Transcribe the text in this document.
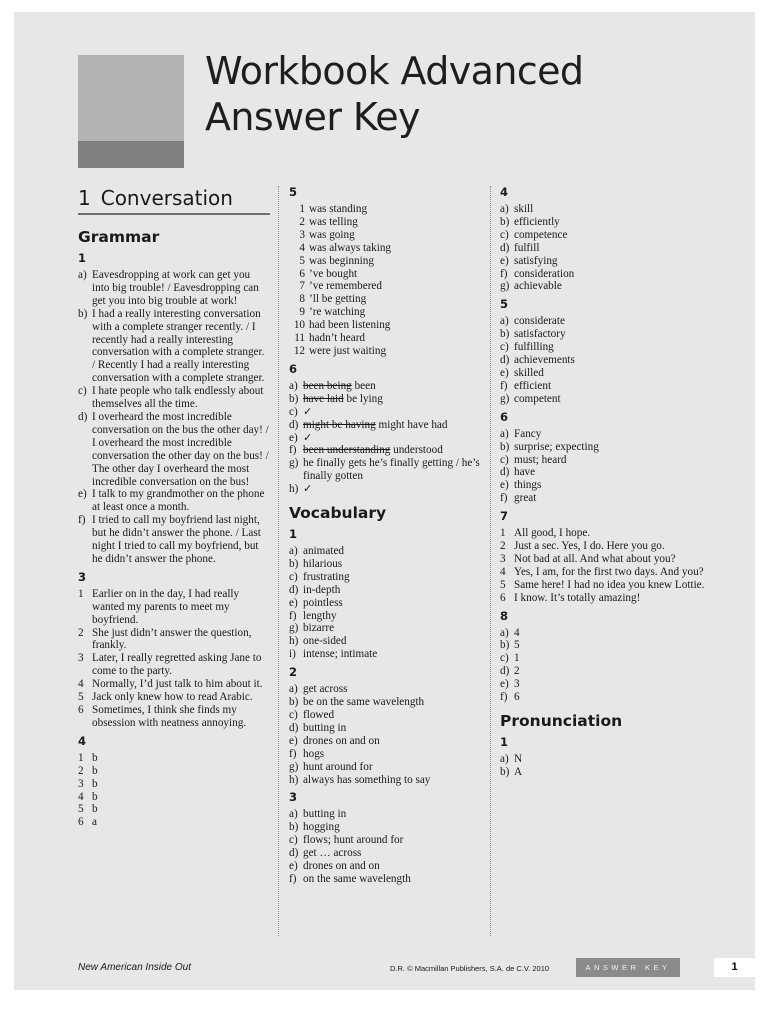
Workbook Advanced
Answer Key
1 Conversation
Grammar
1
a) Eavesdropping at work can get you into big trouble! / Eavesdropping can get you into big trouble at work!
b) I had a really interesting conversation with a complete stranger recently. / I recently had a really interesting conversation with a complete stranger. / Recently I had a really interesting conversation with a complete stranger.
c) I hate people who talk endlessly about themselves all the time.
d) I overheard the most incredible conversation on the bus the other day! / I overheard the most incredible conversation the other day on the bus! / The other day I overheard the most incredible conversation on the bus!
e) I talk to my grandmother on the phone at least once a month.
f) I tried to call my boyfriend last night, but he didn’t answer the phone. / Last night I tried to call my boyfriend, but he didn’t answer the phone.
3
1 Earlier on in the day, I had really wanted my parents to meet my boyfriend.
2 She just didn’t answer the question, frankly.
3 Later, I really regretted asking Jane to come to the party.
4 Normally, I’d just talk to him about it.
5 Jack only knew how to read Arabic.
6 Sometimes, I think she finds my obsession with neatness annoying.
4
1 b
2 b
3 b
4 b
5 b
6 a
5
1 was standing
2 was telling
3 was going
4 was always taking
5 was beginning
6 ’ve bought
7 ’ve remembered
8 ’ll be getting
9 ’re watching
10 had been listening
11 hadn’t heard
12 were just waiting
6
a) been being been
b) have laid be lying
c) ✓
d) might be having might have had
e) ✓
f) been understanding understood
g) he finally gets he’s finally getting / he’s finally gotten
h) ✓
Vocabulary
1
a) animated
b) hilarious
c) frustrating
d) in-depth
e) pointless
f) lengthy
g) bizarre
h) one-sided
i) intense; intimate
2
a) get across
b) be on the same wavelength
c) flowed
d) butting in
e) drones on and on
f) hogs
g) hunt around for
h) always has something to say
3
a) butting in
b) hogging
c) flows; hunt around for
d) get … across
e) drones on and on
f) on the same wavelength
4
a) skill
b) efficiently
c) competence
d) fulfill
e) satisfying
f) consideration
g) achievable
5
a) considerate
b) satisfactory
c) fulfilling
d) achievements
e) skilled
f) efficient
g) competent
6
a) Fancy
b) surprise; expecting
c) must; heard
d) have
e) things
f) great
7
1 All good, I hope.
2 Just a sec. Yes, I do. Here you go.
3 Not bad at all. And what about you?
4 Yes, I am, for the first two days. And you?
5 Same here! I had no idea you knew Lottie.
6 I know. It’s totally amazing!
8
a) 4
b) 5
c) 1
d) 2
e) 3
f) 6
Pronunciation
1
a) N
b) A
New American Inside Out	D.R. © Macmillan Publishers, S.A. de C.V. 2010	ANSWER KEY	1
